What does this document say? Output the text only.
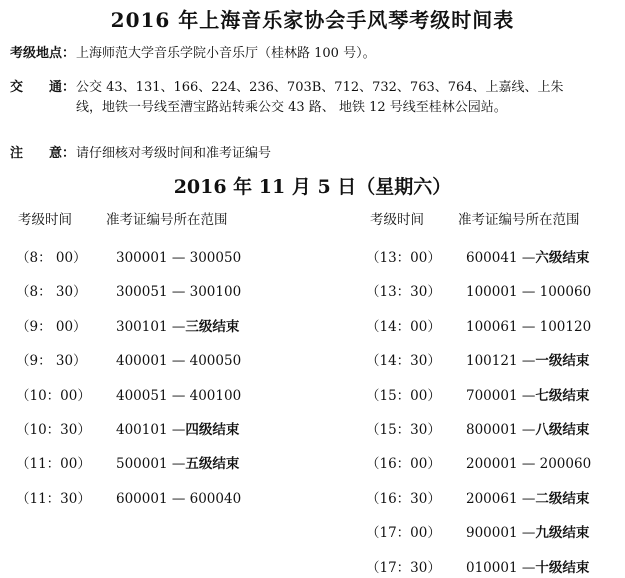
2016 年上海音乐家协会手风琴考级时间表
考级地点：上海师范大学音乐学院小音乐厅（桂林路 100 号）。
交　　通：公交 43、131、166、224、236、703B、712、732、763、764、上嘉线、上朱
线，地铁一号线至漕宝路站转乘公交 43 路、 地铁 12 号线至桂林公园站。
注　　意：请仔细核对考级时间和准考证编号
2016 年 11 月 5 日（星期六）
考级时间	准考证编号所在范围	考级时间	准考证编号所在范围
（8： 00） 300001 — 300050
（8： 30） 300051 — 300100
（9： 00） 300101 —三级结束
（9： 30） 400001 — 400050
（10：00） 400051 — 400100
（10：30） 400101 —四级结束
（11：00） 500001 —五级结束
（11：30） 600001 — 600040
（13：00） 600041 —六级结束
（13：30） 100001 — 100060
（14：00） 100061 — 100120
（14：30） 100121 —一级结束
（15：00） 700001 —七级结束
（15：30） 800001 —八级结束
（16：00） 200001 — 200060
（16：30） 200061 —二级结束
（17：00） 900001 —九级结束
（17：30） 010001 —十级结束
